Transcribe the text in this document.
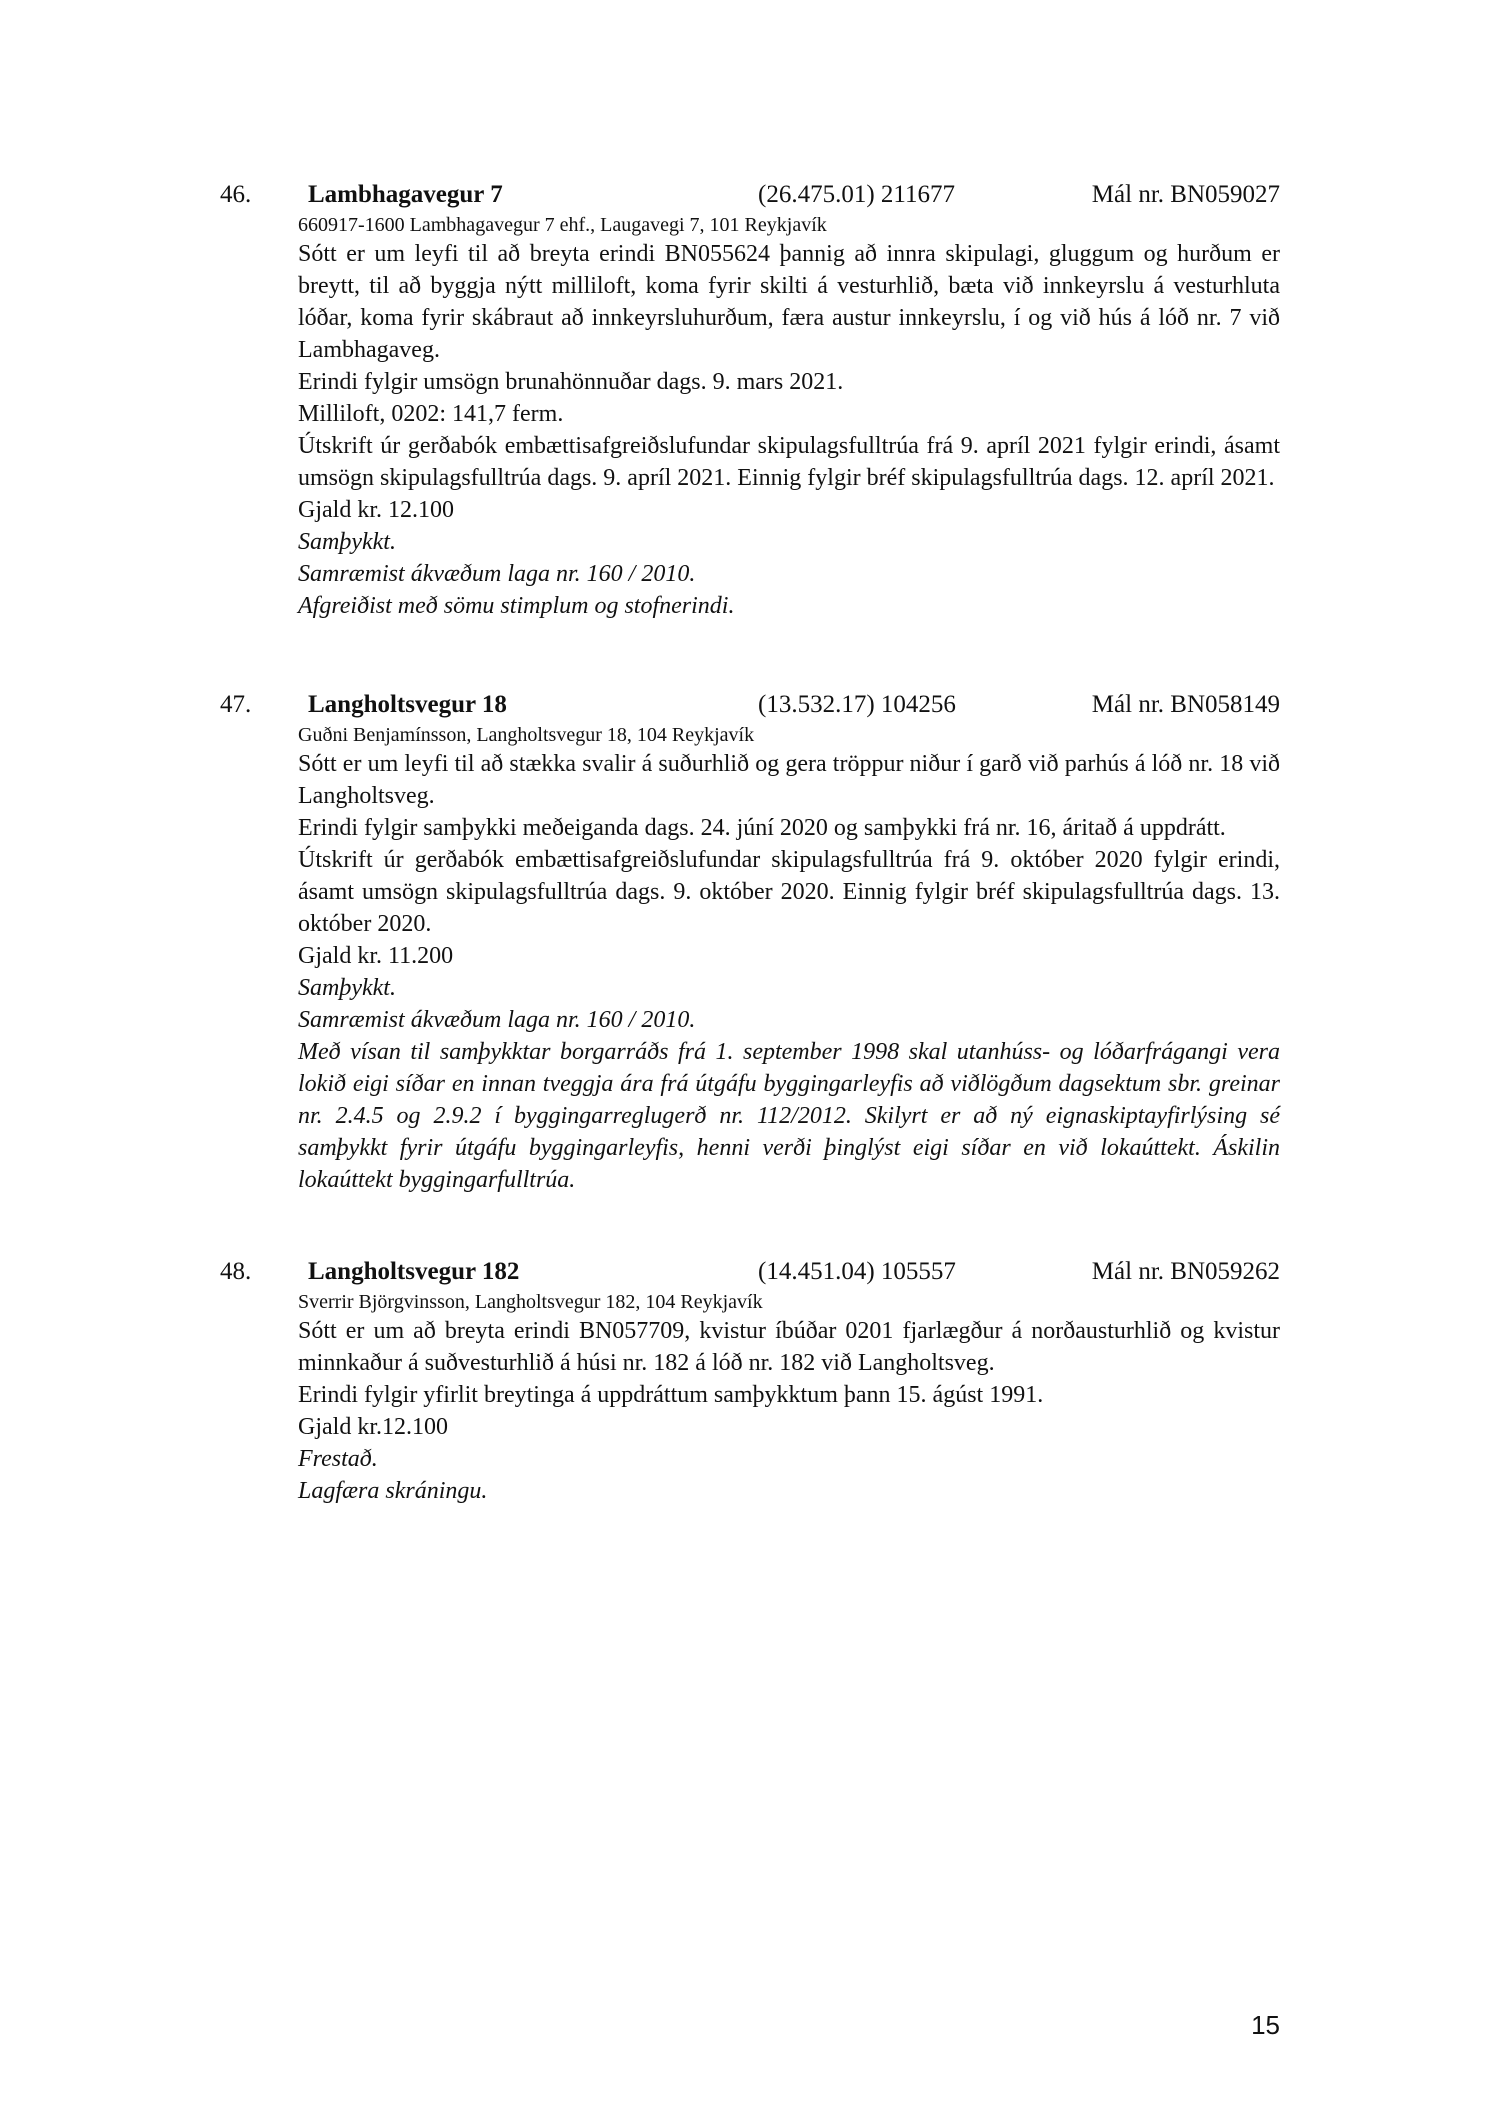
46. Lambhagavegur 7	(26.475.01) 211677	Mál nr. BN059027
660917-1600 Lambhagavegur 7 ehf., Laugavegi 7, 101 Reykjavík

Sótt er um leyfi til að breyta erindi BN055624 þannig að innra skipulagi, gluggum og hurðum er breytt, til að byggja nýtt milliloft, koma fyrir skilti á vesturhlið, bæta við innkeyrslu á vesturhluta lóðar, koma fyrir skábraut að innkeyrsluhurðum, færa austur innkeyrslu, í og við hús á lóð nr. 7 við Lambhagaveg.

Erindi fylgir umsögn brunahönnuðar dags. 9. mars 2021.

Milliloft, 0202: 141,7 ferm.

Útskrift úr gerðabók embættisafgreiðslufundar skipulagsfulltrúa frá 9. apríl 2021 fylgir erindi, ásamt umsögn skipulagsfulltrúa dags. 9. apríl 2021. Einnig fylgir bréf skipulagsfulltrúa dags. 12. apríl 2021.

Gjald kr. 12.100

Samþykkt.

Samræmist ákvæðum laga nr. 160 / 2010.

Afgreiðist með sömu stimplum og stofnerindi.

47. Langholtsvegur 18	(13.532.17) 104256	Mál nr. BN058149
Guðni Benjamínsson, Langholtsvegur 18, 104 Reykjavík

Sótt er um leyfi til að stækka svalir á suðurhlið og gera tröppur niður í garð við parhús á lóð nr. 18 við Langholtsveg.

Erindi fylgir samþykki meðeiganda dags. 24. júní 2020 og samþykki frá nr. 16, áritað á uppdrátt.

Útskrift úr gerðabók embættisafgreiðslufundar skipulagsfulltrúa frá 9. október 2020 fylgir erindi, ásamt umsögn skipulagsfulltrúa dags. 9. október 2020. Einnig fylgir bréf skipulagsfulltrúa dags. 13. október 2020.

Gjald kr. 11.200

Samþykkt.

Samræmist ákvæðum laga nr. 160 / 2010.

Með vísan til samþykktar borgarráðs frá 1. september 1998 skal utanhúss- og lóðarfrágangi vera lokið eigi síðar en innan tveggja ára frá útgáfu byggingarleyfis að viðlögðum dagsektum sbr. greinar nr. 2.4.5 og 2.9.2 í byggingarreglugerð nr. 112/2012. Skilyrt er að ný eignaskiptayfirlýsing sé samþykkt fyrir útgáfu byggingarleyfis, henni verði þinglýst eigi síðar en við lokaúttekt. Áskilin lokaúttekt byggingarfulltrúa.

48. Langholtsvegur 182	(14.451.04) 105557	Mál nr. BN059262
Sverrir Björgvinsson, Langholtsvegur 182, 104 Reykjavík

Sótt er um að breyta erindi BN057709, kvistur íbúðar 0201 fjarlægður á norðausturhlið og kvistur minnkaður á suðvesturhlið á húsi nr. 182 á lóð nr. 182 við Langholtsveg.

Erindi fylgir yfirlit breytinga á uppdráttum samþykktum þann 15. ágúst 1991.

Gjald kr.12.100

Frestað.

Lagfæra skráningu.

15
